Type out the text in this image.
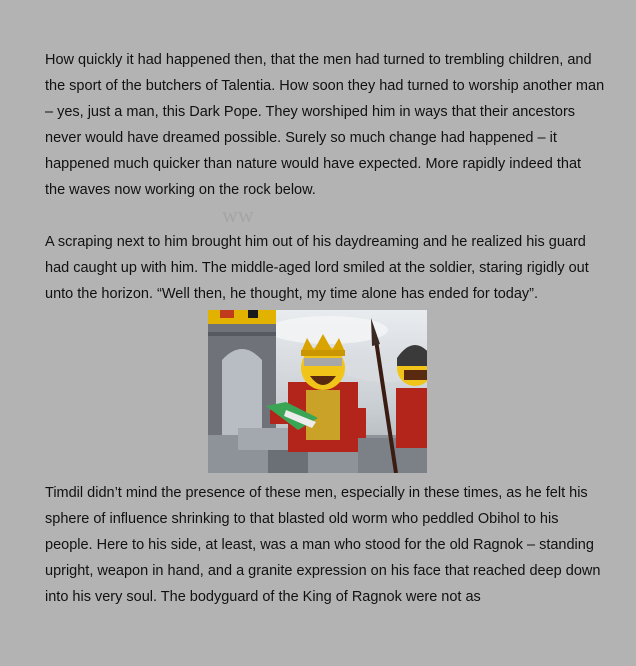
How quickly it had happened then, that the men had turned to trembling children, and the sport of the butchers of Talentia. How soon they had turned to worship another man – yes, just a man, this Dark Pope. They worshiped him in ways that their ancestors never would have dreamed possible. Surely so much change had happened – it happened much quicker than nature would have expected. More rapidly indeed that the waves now working on the rock below.

ww

A scraping next to him brought him out of his daydreaming and he realized his guard had caught up with him. The middle-aged lord smiled at the soldier, staring rigidly out unto the horizon. “Well then, he thought, my time alone has ended for today”.

Timdil didn’t mind the presence of these men, especially in these times, as he felt his sphere of influence shrinking to that blasted old worm who peddled Obihol to his people. Here to his side, at least, was a man who stood for the old Ragnok – standing upright, weapon in hand, and a granite expression on his face that reached deep down into his very soul. The bodyguard of the King of Ragnok were not as
